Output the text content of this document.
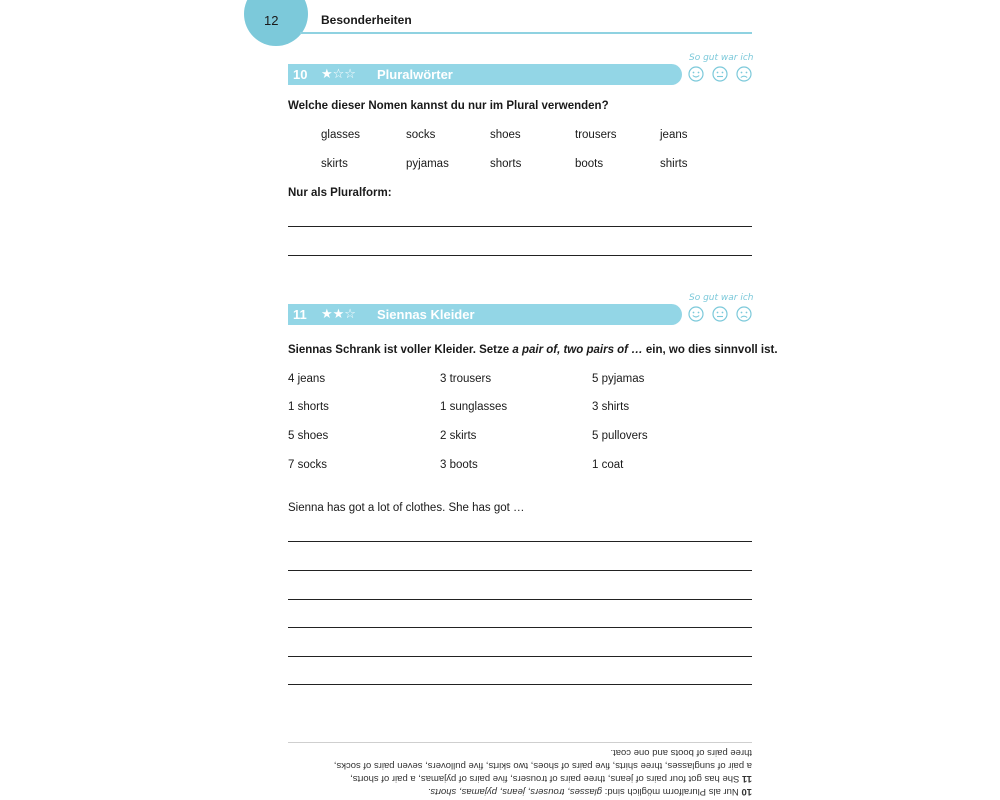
12	Besonderheiten
10 ★☆☆ Pluralwörter
So gut war ich
Welche dieser Nomen kannst du nur im Plural verwenden?
glasses	socks	shoes	trousers	jeans
skirts	pyjamas	shorts	boots	shirts
Nur als Pluralform:
11 ★★☆ Siennas Kleider
So gut war ich
Siennas Schrank ist voller Kleider. Setze a pair of, two pairs of … ein, wo dies sinnvoll ist.
4 jeans	3 trousers	5 pyjamas
1 shorts	1 sunglasses	3 shirts
5 shoes	2 skirts	5 pullovers
7 socks	3 boots	1 coat
Sienna has got a lot of clothes. She has got …

10 Nur als Pluralform möglich sind: glasses, trousers, jeans, pyjamas, shorts.

11 She has got four pairs of jeans, three pairs of trousers, five pairs of pyjamas, a pair of shorts,

a pair of sunglasses, three shirts, five pairs of shoes, two skirts, five pullovers, seven pairs of socks,

three pairs of boots and one coat.
